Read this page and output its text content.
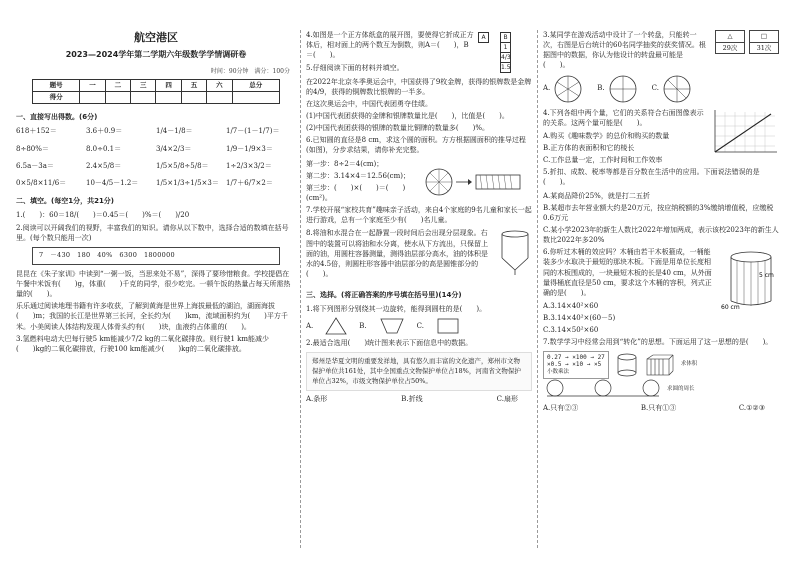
航空港区
2023—2024学年第二学期六年级数学学情调研卷
时间：90分钟　满分：100分
题号	一	二	三	四	五	六	总分
得分							
一、直接写出得数。(6分)
618＋152＝	3.6＋0.9＝	1/4－1/8＝	1/7－(1－1/7)＝
8÷80%＝	8.0÷0.1＝	3/4×2/3＝	1/9－1/9×3＝
6.5a－3a＝	2.4×5/8＝	1/5×5/8÷5/8＝	1÷2/3×3/2＝
0×5/8×11/6＝	10－4/5－1.2＝	1/5×1/3÷1/5×3＝	1/7＋6/7×2＝
二、填空。(每空1分，共21分)
1.(　　)：60＝18/(　　)＝0.45＝(　　)%＝(　　)/20
2.阅读可以开阔我们的视野，丰富我们的知识。请你从以下数中，选择合适的数填在括号里。(每个数只能用一次)
7　－430　180　40%　6300　1800000
昆昆在《朱子家训》中读到“一粥一饭，当思来处不易”，深得了要珍惜粮食。学校提倡在午餐中米饭有(　　)g，体重(　　)千克的同学，很少吃完。一顿午饭的热量占每天所需热量的(　　)。
乐乐通过阅读地理书籍有许多收获，了解到黄海是世界上海拔最低的湖泊，湖面海拔(　　)m；我国的长江是世界第三长河，全长约为(　　)km，流域面积约为(　　)平方千米。小美阅读人体结构发现人体骨头约有(　　)块，血液约占体重的(　　)。
3.氢燃料电动大巴每行驶5 km能减少7/2 kg的二氧化碳排放。则行驶1 km能减少(　　)kg的二氧化碳排放，行驶100 km能减少(　　)kg的二氧化碳排放。
4.如图是一个正方体纸盒的展开图，要使得它折成正方体后，相对面上的两个数互为倒数，则A＝(　　)，B＝(　　)。
A	B
1
4/3
1.5
5.仔细阅读下面的材料并填空。
在2022年北京冬季奥运会中，中国获得了9枚金牌，获得的银牌数是金牌的4/9，获得的铜牌数比银牌的一半多。
在这次奥运会中，中国代表团勇夺佳绩。
(1)中国代表团获得的金牌和银牌数量比是(　　)，比值是(　　)。
(2)中国代表团获得的银牌的数量比铜牌的数量多(　　)%。
6.已知圆的直径是8 cm，求这个圆的面积。方方根据圆面积的推导过程(如图)，分步求结果，请你补充完整。
第一步：8÷2＝4(cm)；
第二步：3.14×4＝12.56(cm)；
第三步：(　　)×(　　)＝(　　)(cm²)。
7.学校开展“家校共育”趣味亲子活动，来自4个家庭的9名儿童和家长一起进行游戏，总有一个家庭至少有(　　)名儿童。
8.将油和水混合在一起静置一段时间后会出现分层现象。右图中的装置可以将油和水分离，使水从下方流出，只保留上面的油，用圆柱容器测量，测得油层部分高水，油的体积是水的4.5倍，则圆柱形容器中油层部分的高是圆锥部分的(　　)。
三、选择。(将正确答案的序号填在括号里)(14分)
1.将下列图形分别绕其一边旋转，能得到圆柱的是(　　)。
A.	B.	C.
2.最适合选用(　　)统计图来表示下面信息中的数据。
郑州是华夏文明的重要发祥地，具有悠久而丰富的文化遗产，郑州市文物保护单位共161处，其中全国重点文物保护单位占18%，河南省文物保护单位占32%，市级文物保护单位占50%。
A.条形	B.折线	C.扇形
3.某同学在游戏活动中设计了一个转盘，只能转一次，右图是后台统计的60名同学抽奖的获奖情况。根据图中的数据，你认为他设计的转盘最可能是(　　)。
△
29次
□
31次
A.	B.	C.
4.下列各组中两个量，它们的关系符合右面图像表示的关系。这两个量可能是(　　)。
A.购买《趣味数学》的总价和购买的数量
B.正方体的表面积和它的棱长
C.工作总量一定，工作时间和工作效率
5.折扣、成数、税率等都是百分数在生活中的应用。下面说法错误的是(　　)。
A.某商品降价25%，就是打二五折
B.某超市去年营业额大约是20万元，按应纳税额的3%缴纳增值税，应缴税0.6万元
C.某小学2023年的新生人数比2022年增加两成，表示该校2023年的新生人数比2022年多20%
6.你听过木桶的效应吗？木桶由若干木板箍成，一桶能装多少水取决于最短的那块木板。下面是用单位长度相同的木板围成的，一块最短木板的长是40 cm，从外面量得桶底直径是50 cm，要求这个木桶的容积，列式正确的是(　　)。
A.3.14×40²×60
B.3.14×40²×(60－5)
C.3.14×50²×60
5 cm
60 cm
7.数学学习中经常会用到“转化”的思想。下面运用了这一思想的是(　　)。
0.27 → ×100 → 27
×0.5 → ×10 → ×5
小数乘法
求体积
求圆的周长
A.只有②③	B.只有①③	C.①②③
